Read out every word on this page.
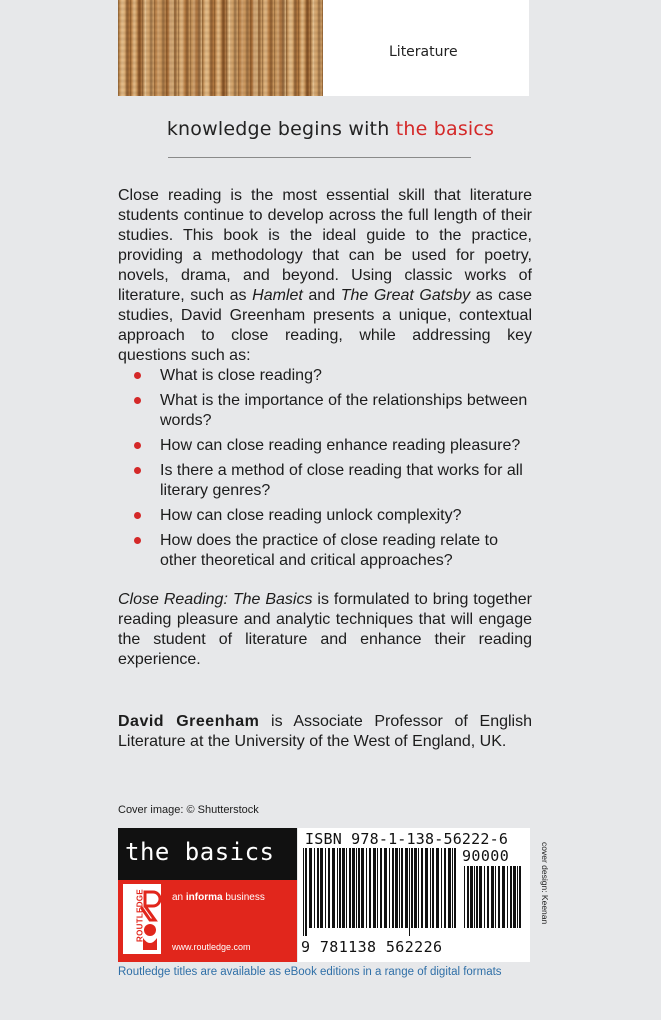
Literature
knowledge begins with the basics

Close reading is the most essential skill that literature students continue to develop across the full length of their studies. This book is the ideal guide to the practice, providing a methodology that can be used for poetry, novels, drama, and beyond. Using classic works of literature, such as Hamlet and The Great Gatsby as case studies, David Greenham presents a unique, contextual approach to close reading, while addressing key questions such as:

What is close reading?
What is the importance of the relationships between words?
How can close reading enhance reading pleasure?
Is there a method of close reading that works for all literary genres?
How can close reading unlock complexity?
How does the practice of close reading relate to other theoretical and critical approaches?

Close Reading: The Basics is formulated to bring together reading pleasure and analytic techniques that will engage the student of literature and enhance their reading experience.

David Greenham is Associate Professor of English Literature at the University of the West of England, UK.

Cover image: © Shutterstock
the basics
ROUTLEDGE	an informa business
www.routledge.com
ISBN 978-1-138-56222-6
90000
9 781138 562226
cover design: Keenan
Routledge titles are available as eBook editions in a range of digital formats
